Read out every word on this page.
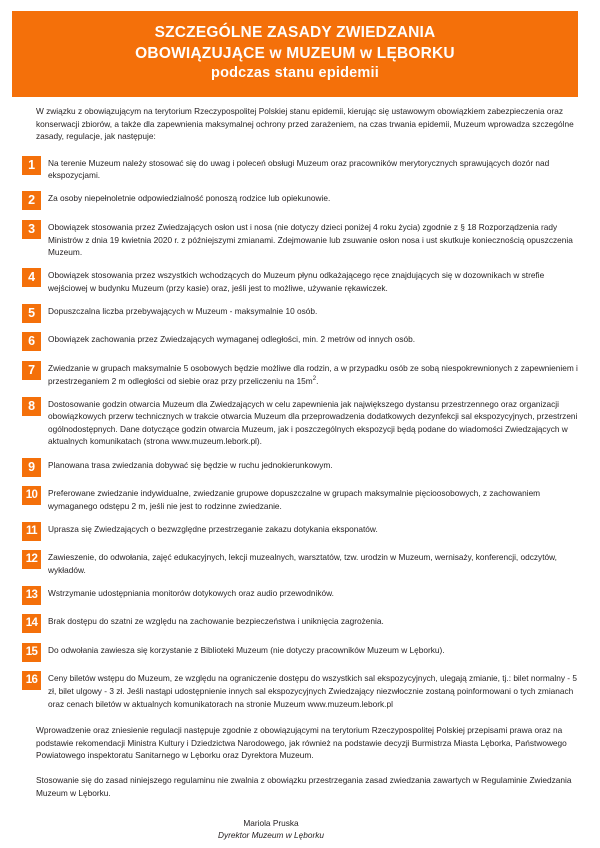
SZCZEGÓLNE ZASADY ZWIEDZANIA
OBOWIĄZUJĄCE w MUZEUM w LĘBORKU
podczas stanu epidemii

W związku z obowiązującym na terytorium Rzeczypospolitej Polskiej stanu epidemii, kierując się ustawowym obowiązkiem zabezpieczenia oraz konserwacji zbiorów, a także dla zapewnienia maksymalnej ochrony przed zarażeniem, na czas trwania epidemii, Muzeum wprowadza szczególne zasady, regulacje, jak następuje:

1	Na terenie Muzeum należy stosować się do uwag i poleceń obsługi Muzeum oraz pracowników merytorycznych sprawujących dozór nad ekspozycjami.
2	Za osoby niepełnoletnie odpowiedzialność ponoszą rodzice lub opiekunowie.
3	Obowiązek stosowania przez Zwiedzających osłon ust i nosa (nie dotyczy dzieci poniżej 4 roku życia) zgodnie z § 18 Rozporządzenia rady Ministrów z dnia 19 kwietnia 2020 r. z późniejszymi zmianami. Zdejmowanie lub zsuwanie osłon nosa i ust skutkuje koniecznością opuszczenia Muzeum.
4	Obowiązek stosowania przez wszystkich wchodzących do Muzeum płynu odkażającego ręce znajdujących się w dozownikach w strefie wejściowej w budynku Muzeum (przy kasie) oraz, jeśli jest to możliwe, używanie rękawiczek.
5	Dopuszczalna liczba przebywających w Muzeum - maksymalnie 10 osób.
6	Obowiązek zachowania przez Zwiedzających wymaganej odległości, min. 2 metrów od innych osób.
7	Zwiedzanie w grupach maksymalnie 5 osobowych będzie możliwe dla rodzin, a w przypadku osób ze sobą niespokrewnionych z zapewnieniem i przestrzeganiem 2 m odległości od siebie oraz przy przeliczeniu na $15m^2$.
8	Dostosowanie godzin otwarcia Muzeum dla Zwiedzających w celu zapewnienia jak największego dystansu przestrzennego oraz organizacji obowiązkowych przerw technicznych w trakcie otwarcia Muzeum dla przeprowadzenia dodatkowych dezynfekcji sal ekspozycyjnych, przestrzeni ogólnodostępnych. Dane dotyczące godzin otwarcia Muzeum, jak i poszczególnych ekspozycji będą podane do wiadomości Zwiedzających w aktualnych komunikatach (strona www.muzeum.lebork.pl).
9	Planowana trasa zwiedzania dobywać się będzie w ruchu jednokierunkowym.
10	Preferowane zwiedzanie indywidualne, zwiedzanie grupowe dopuszczalne w grupach maksymalnie pięcioosobowych, z zachowaniem wymaganego odstępu 2 m, jeśli nie jest to rodzinne zwiedzanie.
11	Uprasza się Zwiedzających o bezwzględne przestrzeganie zakazu dotykania eksponatów.
12	Zawieszenie, do odwołania, zajęć edukacyjnych, lekcji muzealnych, warsztatów, tzw. urodzin w Muzeum, wernisaży, konferencji, odczytów, wykładów.
13	Wstrzymanie udostępniania monitorów dotykowych oraz audio przewodników.
14	Brak dostępu do szatni ze względu na zachowanie bezpieczeństwa i uniknięcia zagrożenia.
15	Do odwołania zawiesza się korzystanie z Biblioteki Muzeum (nie dotyczy pracowników Muzeum w Lęborku).
16	Ceny biletów wstępu do Muzeum, ze względu na ograniczenie dostępu do wszystkich sal ekspozycyjnych, ulegają zmianie, tj.: bilet normalny - 5 zł, bilet ulgowy - 3 zł. Jeśli nastąpi udostępnienie innych sal ekspozycyjnych Zwiedzający niezwłocznie zostaną poinformowani o tych zmianach oraz cenach biletów w aktualnych komunikatorach na stronie Muzeum www.muzeum.lebork.pl

Wprowadzenie oraz zniesienie regulacji następuje zgodnie z obowiązującymi na terytorium Rzeczypospolitej Polskiej przepisami prawa oraz na podstawie rekomendacji Ministra Kultury i Dziedzictwa Narodowego, jak również na podstawie decyzji Burmistrza Miasta Lęborka, Państwowego Powiatowego inspektoratu Sanitarnego w Lęborku oraz Dyrektora Muzeum.

Stosowanie się do zasad niniejszego regulaminu nie zwalnia z obowiązku przestrzegania zasad zwiedzania zawartych w Regulaminie Zwiedzania Muzeum w Lęborku.

Mariola Pruska
Dyrektor Muzeum w Lęborku
